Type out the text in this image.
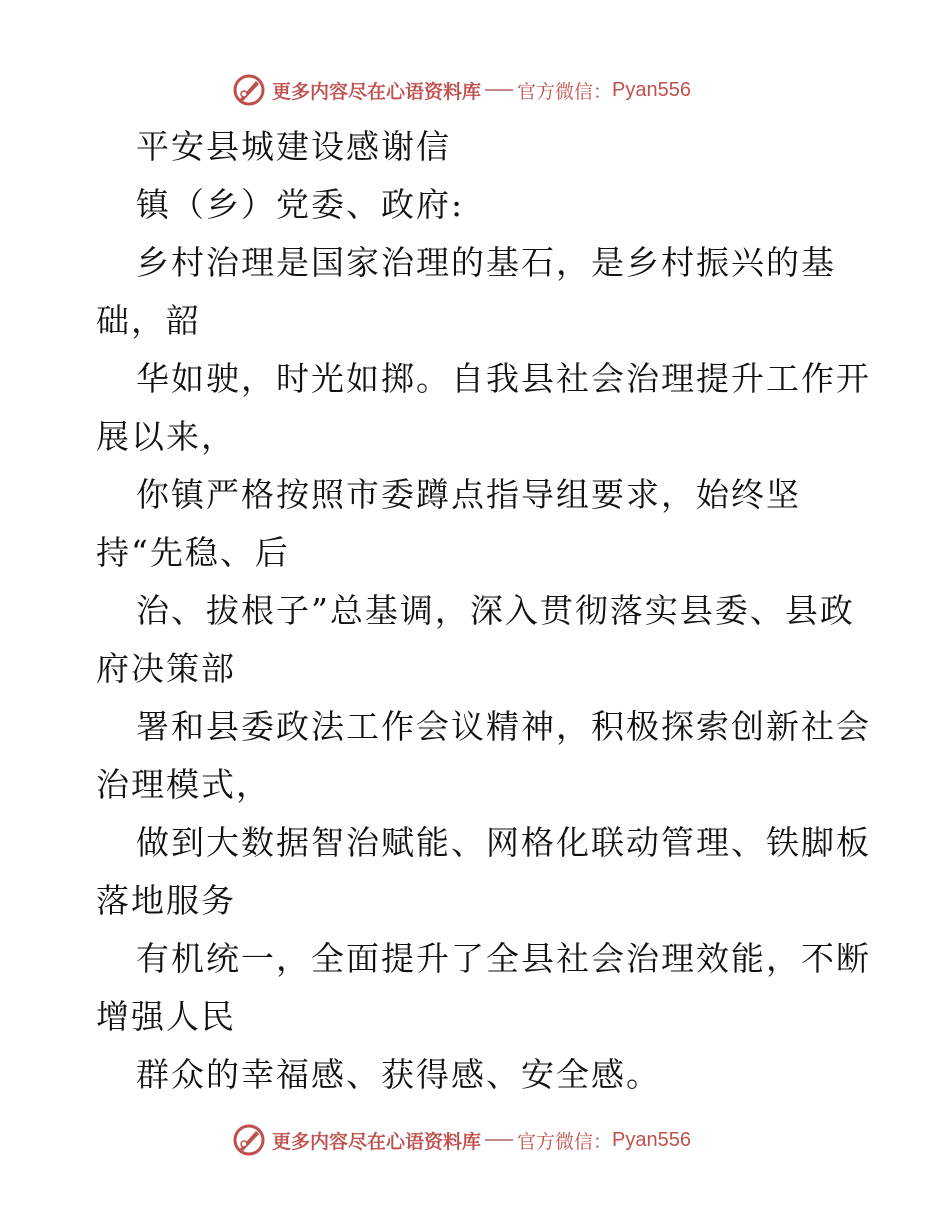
更多内容尽在心语资料库 官方微信： Pyan556
平安县城建设感谢信
镇（乡）党委、政府:
乡村治理是国家治理的基石，是乡村振兴的基
础，韶
华如驶，时光如掷。自我县社会治理提升工作开
展以来，
你镇严格按照市委蹲点指导组要求，始终坚
持“先稳、后
治、拔根子”总基调，深入贯彻落实县委、县政
府决策部
署和县委政法工作会议精神，积极探索创新社会
治理模式，
做到大数据智治赋能、网格化联动管理、铁脚板
落地服务
有机统一，全面提升了全县社会治理效能，不断
增强人民
群众的幸福感、获得感、安全感。
更多内容尽在心语资料库 官方微信： Pyan556
